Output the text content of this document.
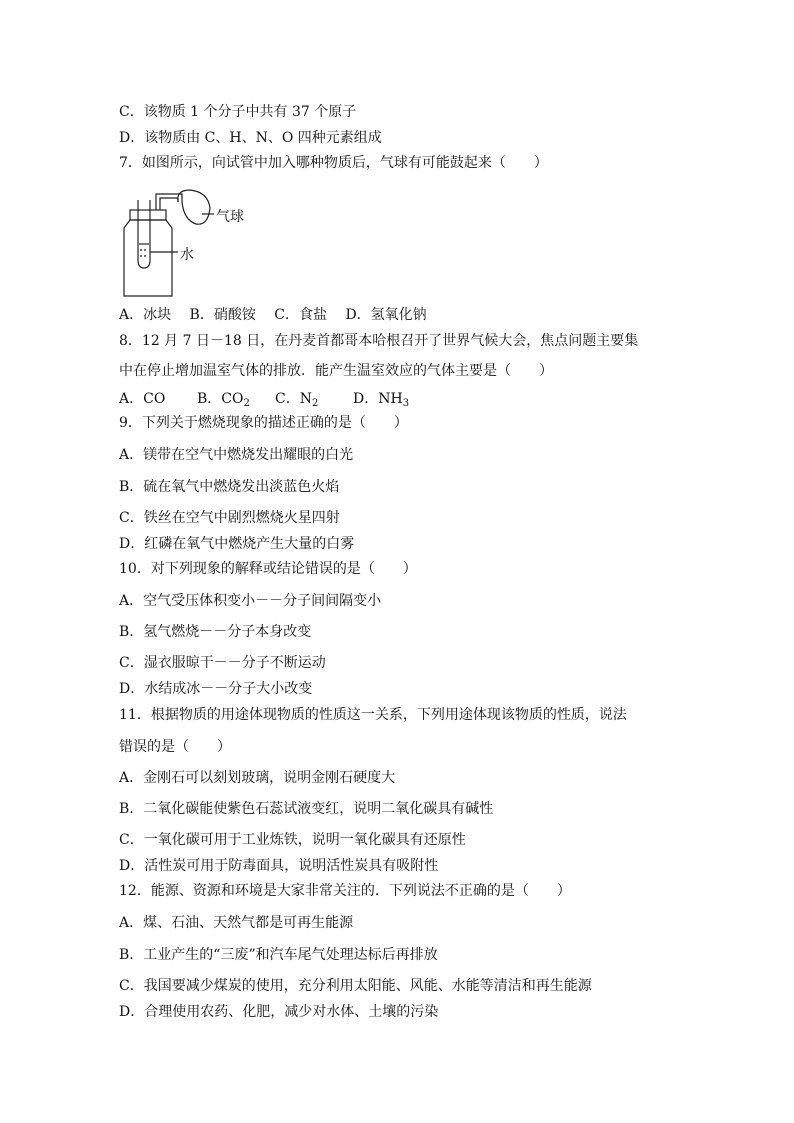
C．该物质 1 个分子中共有 37 个原子
D．该物质由 C、H、N、O 四种元素组成
7．如图所示，向试管中加入哪种物质后，气球有可能鼓起来（　　）
气球
水
A．冰块　 B．硝酸铵　 C．食盐　 D．氢氧化钠
8．12 月 7 日－18 日，在丹麦首都哥本哈根召开了世界气候大会，焦点问题主要集
中在停止增加温室气体的排放．能产生温室效应的气体主要是（　　）
A．CO B．$CO_2$ C．$N_2$ D．$NH_3$
9．下列关于燃烧现象的描述正确的是（　　）
A．镁带在空气中燃烧发出耀眼的白光
B．硫在氧气中燃烧发出淡蓝色火焰
C．铁丝在空气中剧烈燃烧火星四射
D．红磷在氧气中燃烧产生大量的白雾
10．对下列现象的解释或结论错误的是（　　）
A．空气受压体积变小－－分子间间隔变小
B．氢气燃烧－－分子本身改变
C．湿衣服晾干－－分子不断运动
D．水结成冰－－分子大小改变
11．根据物质的用途体现物质的性质这一关系，下列用途体现该物质的性质，说法
错误的是（　　）
A．金刚石可以刻划玻璃，说明金刚石硬度大
B．二氧化碳能使紫色石蕊试液变红，说明二氧化碳具有碱性
C．一氧化碳可用于工业炼铁，说明一氧化碳具有还原性
D．活性炭可用于防毒面具，说明活性炭具有吸附性
12．能源、资源和环境是大家非常关注的．下列说法不正确的是（　　）
A．煤、石油、天然气都是可再生能源
B．工业产生的“三废”和汽车尾气处理达标后再排放
C．我国要减少煤炭的使用，充分利用太阳能、风能、水能等清洁和再生能源
D．合理使用农药、化肥，减少对水体、土壤的污染
